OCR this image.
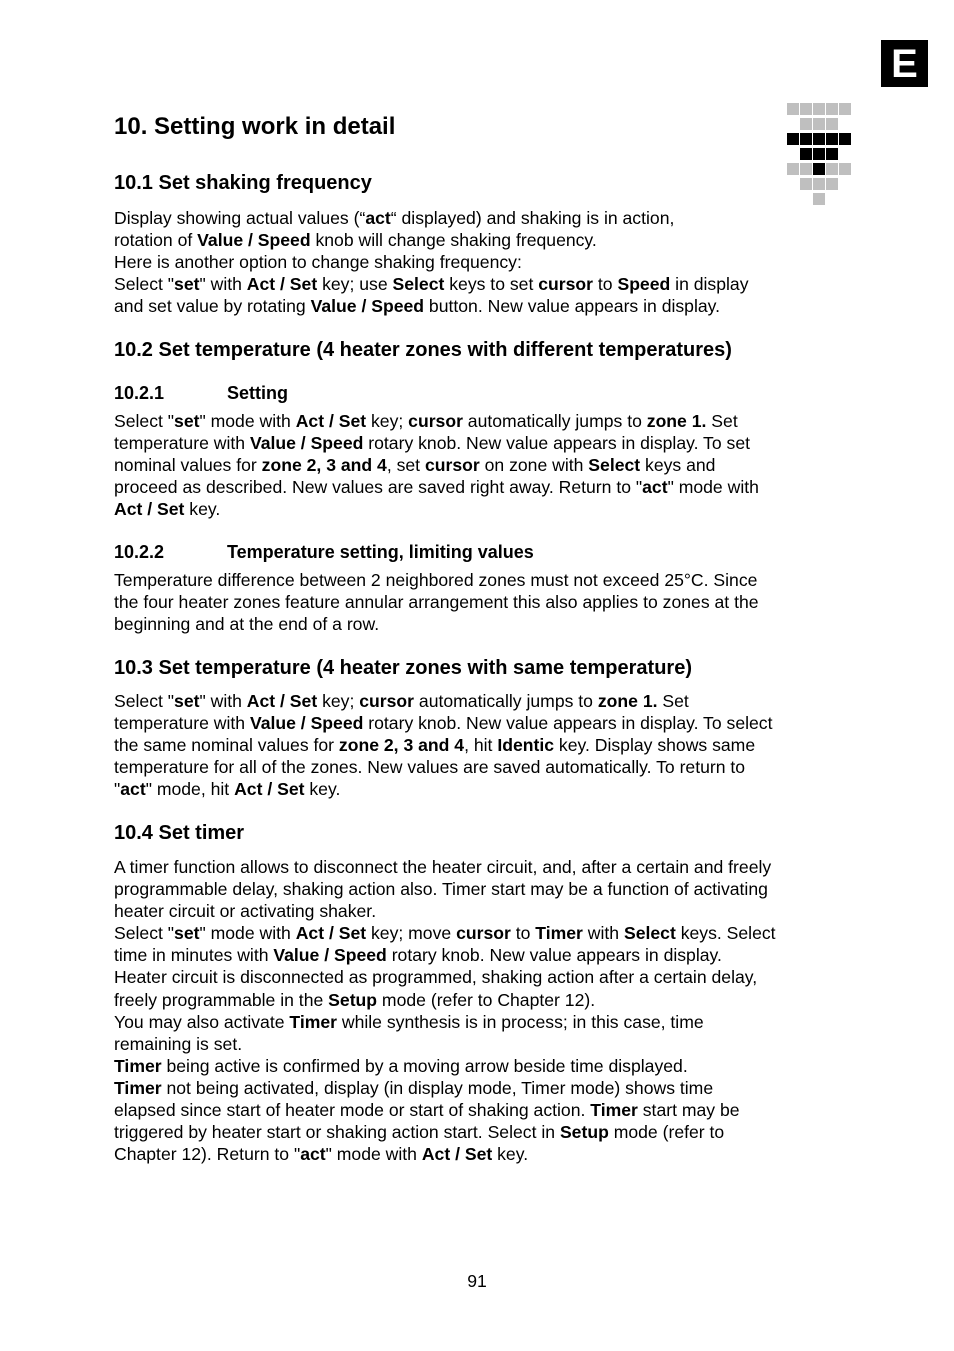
E
10. Setting work in detail
10.1 Set shaking frequency
Display showing actual values (“act“ displayed) and shaking is in action,
rotation of Value / Speed knob will change shaking frequency.
Here is another option to change shaking frequency:
Select "set" with Act / Set key; use Select keys to set cursor to Speed in display
and set value by rotating Value / Speed button. New value appears in display.
10.2 Set temperature (4 heater zones with different temperatures)
10.2.1	Setting
Select "set" mode with Act / Set key; cursor automatically jumps to zone 1. Set
temperature with Value / Speed rotary knob. New value appears in display. To set
nominal values for zone 2, 3 and 4, set cursor on zone with Select keys and
proceed as described. New values are saved right away. Return to "act" mode with
Act / Set key.
10.2.2	Temperature setting, limiting values
Temperature difference between 2 neighbored zones must not exceed 25°C. Since
the four heater zones feature annular arrangement this also applies to zones at the
beginning and at the end of a row.
10.3 Set temperature (4 heater zones with same temperature)
Select "set" with Act / Set key; cursor automatically jumps to zone 1. Set
temperature with Value / Speed rotary knob. New value appears in display. To select
the same nominal values for zone 2, 3 and 4, hit Identic key. Display shows same
temperature for all of the zones. New values are saved automatically. To return to
"act" mode, hit Act / Set key.
10.4 Set timer
A timer function allows to disconnect the heater circuit, and, after a certain and freely
programmable delay, shaking action also. Timer start may be a function of activating
heater circuit or activating shaker.
Select "set" mode with Act / Set key; move cursor to Timer with Select keys. Select
time in minutes with Value / Speed rotary knob. New value appears in display.
Heater circuit is disconnected as programmed, shaking action after a certain delay,
freely programmable in the Setup mode (refer to Chapter 12).
You may also activate Timer while synthesis is in process; in this case, time
remaining is set.
Timer being active is confirmed by a moving arrow beside time displayed.
Timer not being activated, display (in display mode, Timer mode) shows time
elapsed since start of heater mode or start of shaking action. Timer start may be
triggered by heater start or shaking action start. Select in Setup mode (refer to
Chapter 12). Return to "act" mode with Act / Set key.
91
